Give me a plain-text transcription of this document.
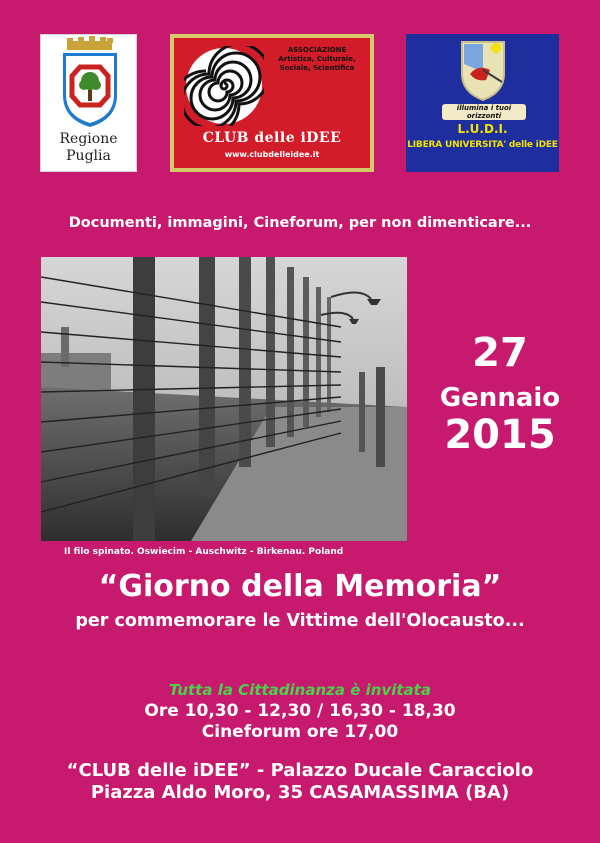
Regione
Puglia
ASSOCIAZIONE
Artistica, Culturale, Sociale, Scientifica
CLUB delle iDEE
www.clubdelleidee.it
illumina i tuoi orizzonti
L.U.D.I.
LIBERA UNIVERSITA' delle iDEE
Documenti, immagini, Cineforum, per non dimenticare...
Il filo spinato. Oswiecim - Auschwitz - Birkenau. Poland
27
Gennaio
2015
“Giorno della Memoria”
per commemorare le Vittime dell'Olocausto...
Tutta la Cittadinanza è invitata
Ore 10,30 - 12,30 / 16,30 - 18,30
Cineforum ore 17,00
“CLUB delle iDEE” - Palazzo Ducale Caracciolo
Piazza Aldo Moro, 35 CASAMASSIMA (BA)
